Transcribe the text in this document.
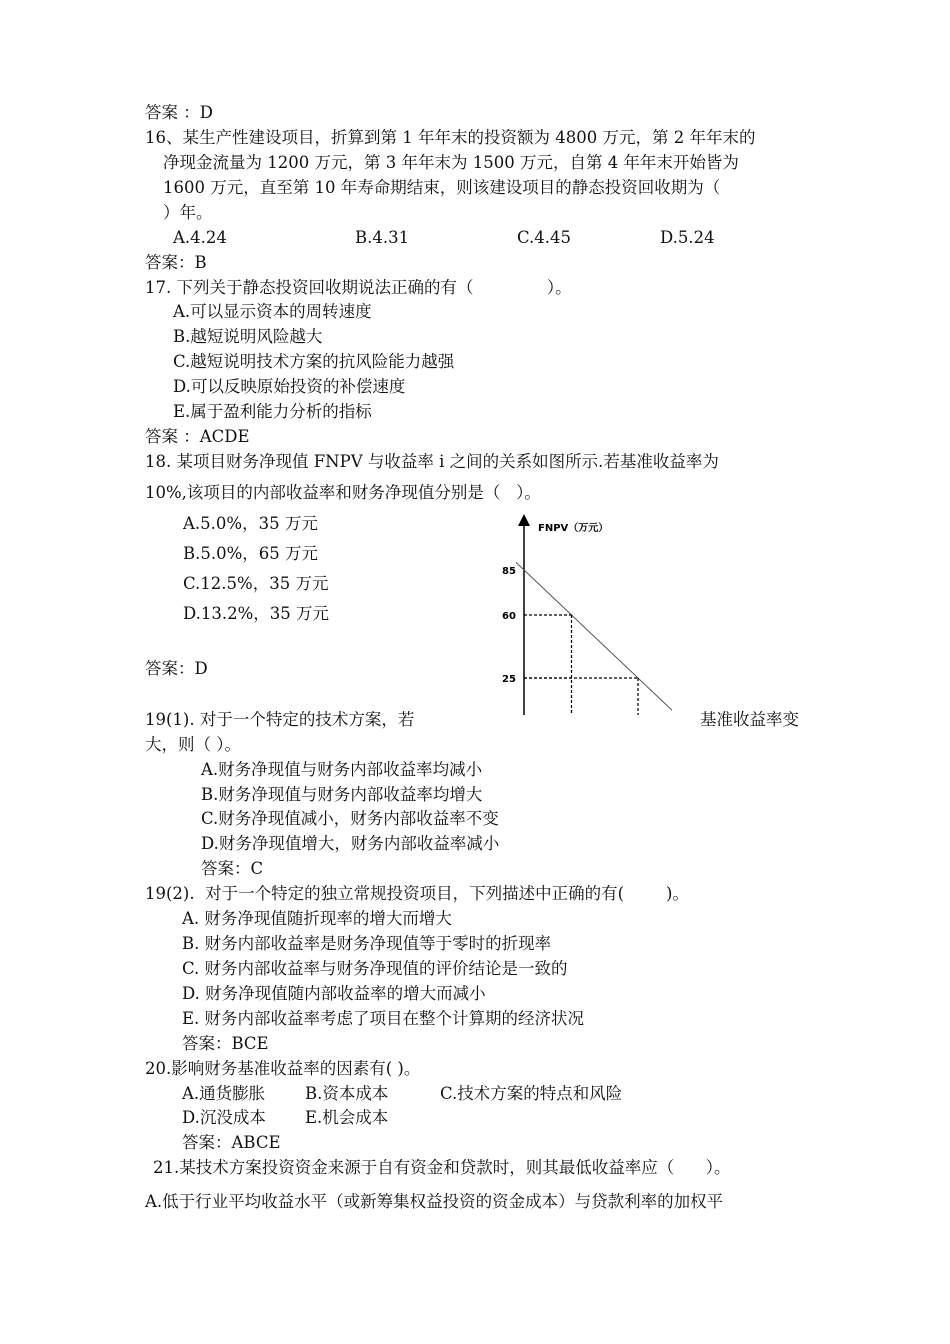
答案 ：D
16、某生产性建设项目，折算到第 1 年年末的投资额为 4800 万元，第 2 年年末的
净现金流量为 1200 万元，第 3 年年末为 1500 万元，自第 4 年年末开始皆为
1600 万元，直至第 10 年寿命期结束，则该建设项目的静态投资回收期为（
）年。
A.4.24	B.4.31	C.4.45	D.5.24
答案：B
17. 下列关于静态投资回收期说法正确的有（              ）。
A.可以显示资本的周转速度
B.越短说明风险越大
C.越短说明技术方案的抗风险能力越强
D.可以反映原始投资的补偿速度
E.属于盈利能力分析的指标
答案 ：ACDE
18. 某项目财务净现值 FNPV 与收益率 i 之间的关系如图所示.若基准收益率为
10%,该项目的内部收益率和财务净现值分别是（   ）。
A.5.0%，35 万元
B.5.0%，65 万元
C.12.5%，35 万元
D.13.2%，35 万元
答案：D
FNPV（万元）
85
60
25
19(1). 对于一个特定的技术方案，若	基准收益率变
大，则（ ）。
A.财务净现值与财务内部收益率均减小
B.财务净现值与财务内部收益率均增大
C.财务净现值减小，财务内部收益率不变
D.财务净现值增大，财务内部收益率减小
答案：C
19(2).  对于一个特定的独立常规投资项目，下列描述中正确的有(        )。
A. 财务净现值随折现率的增大而增大
B. 财务内部收益率是财务净现值等于零时的折现率
C. 财务内部收益率与财务净现值的评价结论是一致的
D. 财务净现值随内部收益率的增大而减小
E. 财务内部收益率考虑了项目在整个计算期的经济状况
答案：BCE
20.影响财务基准收益率的因素有( )。
A.通货膨胀 B.资本成本	C.技术方案的特点和风险
D.沉没成本 E.机会成本
答案：ABCE
21.某技术方案投资资金来源于自有资金和贷款时，则其最低收益率应（      ）。
A.低于行业平均收益水平（或新筹集权益投资的资金成本）与贷款利率的加权平
